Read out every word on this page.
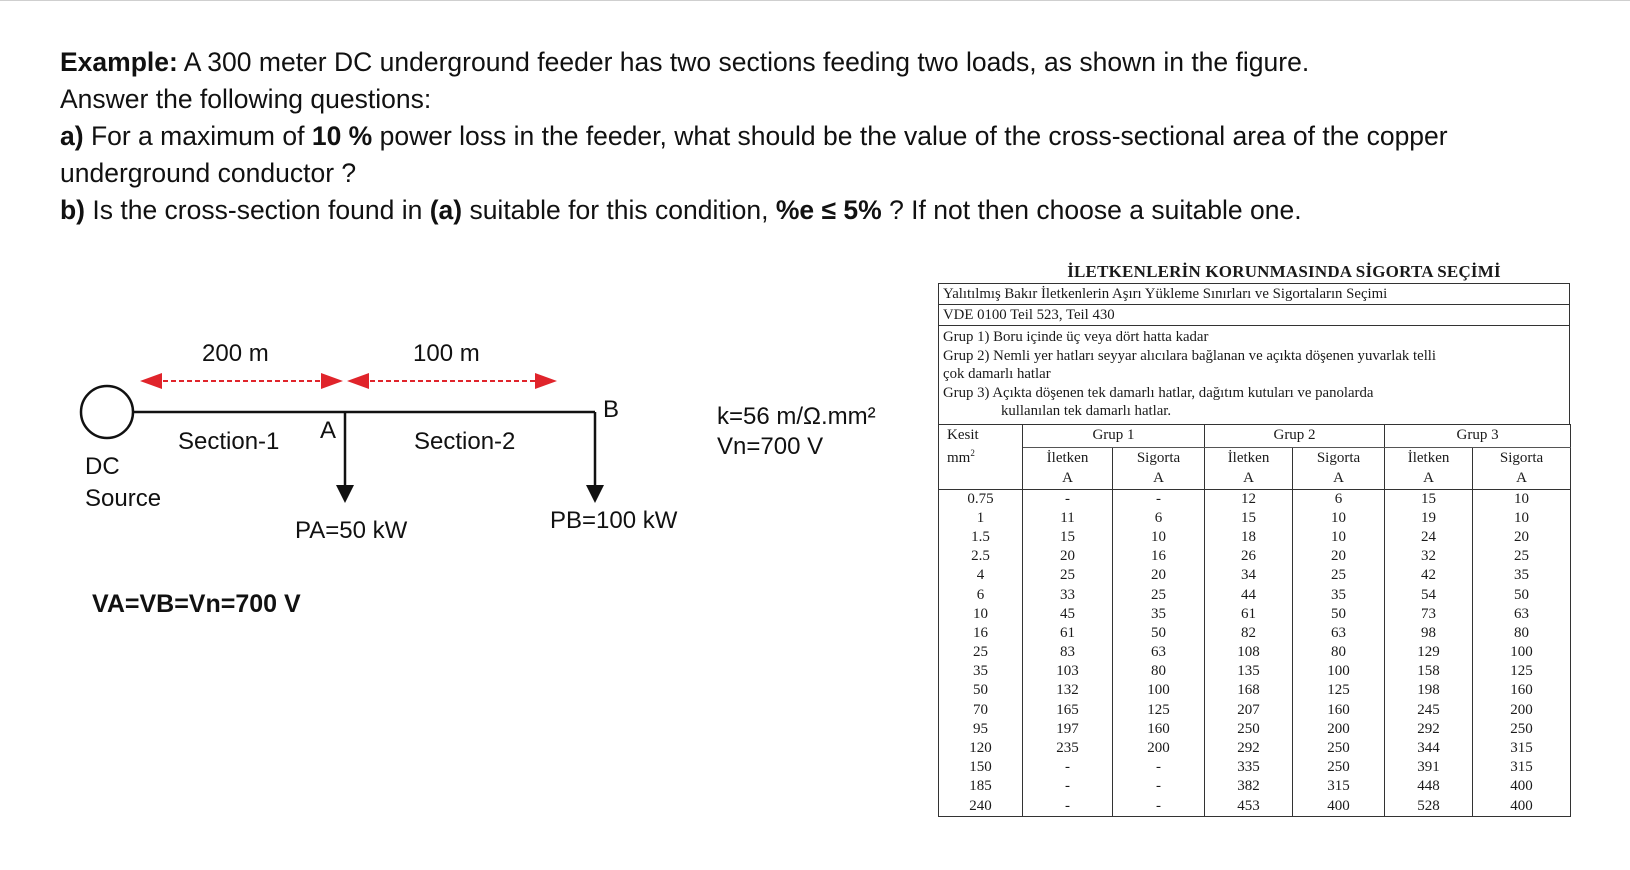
Example: A 300 meter DC underground feeder has two sections feeding two loads, as shown in the figure.
Answer the following questions:
a) For a maximum of 10 % power loss in the feeder, what should be the value of the cross-sectional area of the copper
underground conductor ?
b) Is the cross-section found in (a) suitable for this condition, %e ≤ 5% ? If not then choose a suitable one.
200 m	100 m
B
A
Section-1	Section-2
DC
Source
PA=50 kW	PB=100 kW
VA=VB=Vn=700 V
k=56 m/Ω.mm²
Vn=700 V
İLETKENLERİN KORUNMASINDA SİGORTA SEÇİMİ
Yalıtılmış Bakır İletkenlerin Aşırı Yükleme Sınırları ve Sigortaların Seçimi
VDE 0100 Teil 523, Teil 430
Grup 1) Boru içinde üç veya dört hatta kadar
Grup 2) Nemli yer hatları seyyar alıcılara bağlanan ve açıkta döşenen yuvarlak telli
çok damarlı hatlar
Grup 3) Açıkta döşenen tek damarlı hatlar, dağıtım kutuları ve panolarda
kullanılan tek damarlı hatlar.
Kesit	Grup 1		Grup 2		Grup 3	
$mm^2$	İletken	Sigorta	İletken	Sigorta	İletken	Sigorta
	A	A	A	A	A	A
0.75	-	-	12	6	15	10
1	11	6	15	10	19	10
1.5	15	10	18	10	24	20
2.5	20	16	26	20	32	25
4	25	20	34	25	42	35
6	33	25	44	35	54	50
10	45	35	61	50	73	63
16	61	50	82	63	98	80
25	83	63	108	80	129	100
35	103	80	135	100	158	125
50	132	100	168	125	198	160
70	165	125	207	160	245	200
95	197	160	250	200	292	250
120	235	200	292	250	344	315
150	-	-	335	250	391	315
185	-	-	382	315	448	400
240	-	-	453	400	528	400
